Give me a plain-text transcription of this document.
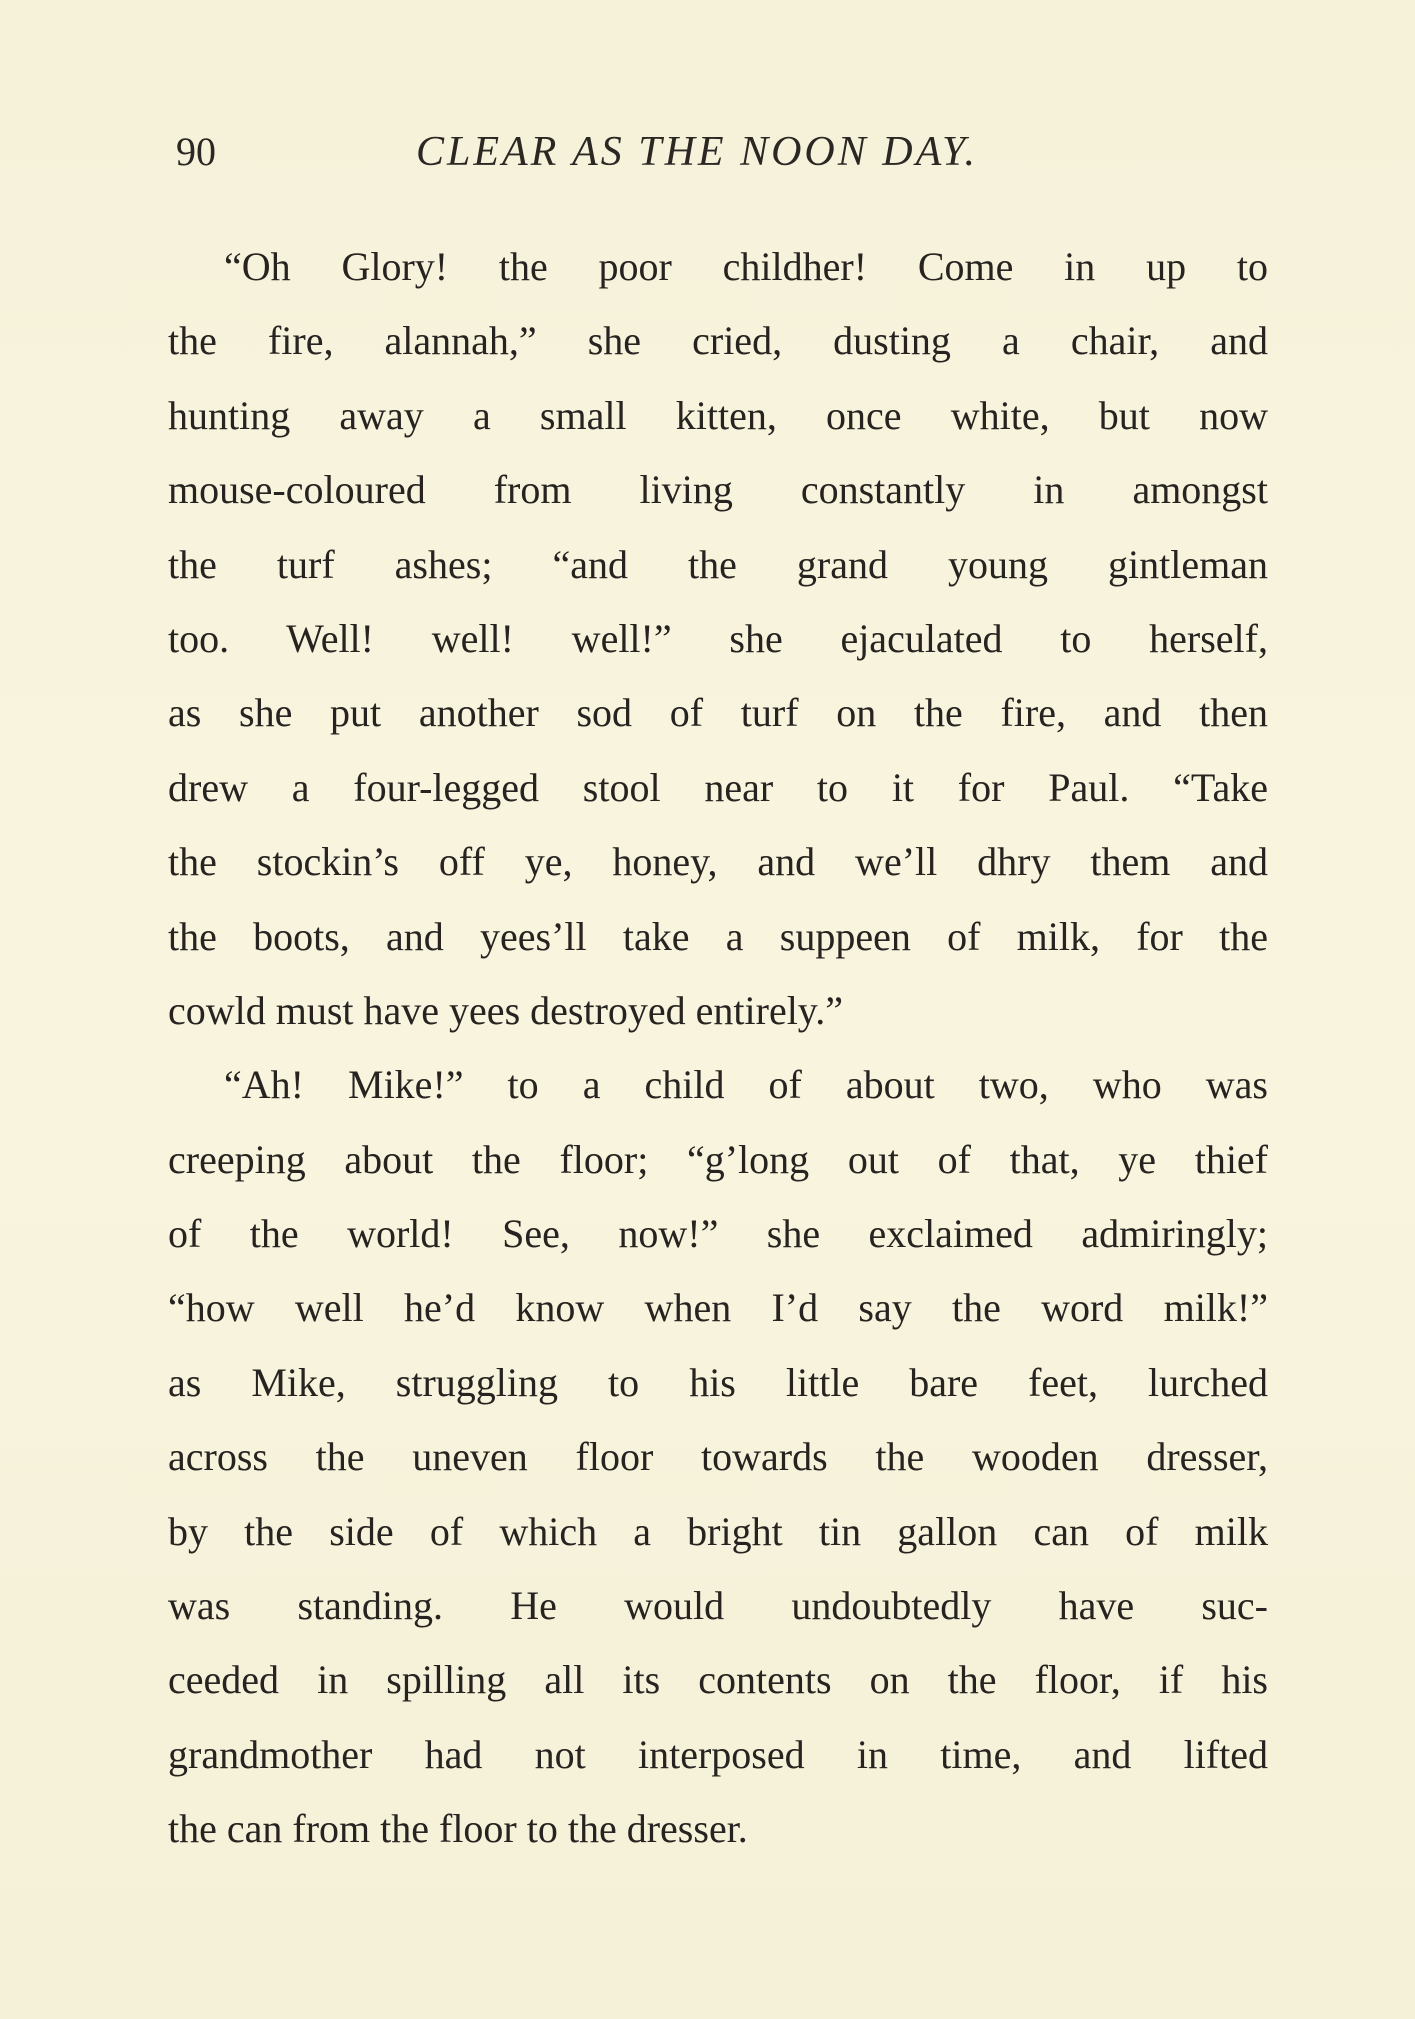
90	CLEAR AS THE NOON DAY.
“Oh Glory! the poor childher! Come in up to
the fire, alannah,” she cried, dusting a chair, and
hunting away a small kitten, once white, but now
mouse-coloured from living constantly in amongst
the turf ashes; “and the grand young gintleman
too. Well! well! well!” she ejaculated to herself,
as she put another sod of turf on the fire, and then
drew a four-legged stool near to it for Paul. “Take
the stockin’s off ye, honey, and we’ll dhry them and
the boots, and yees’ll take a suppeen of milk, for the
cowld must have yees destroyed entirely.”
“Ah! Mike!” to a child of about two, who was
creeping about the floor; “g’long out of that, ye thief
of the world! See, now!” she exclaimed admiringly;
“how well he’d know when I’d say the word milk!”
as Mike, struggling to his little bare feet, lurched
across the uneven floor towards the wooden dresser,
by the side of which a bright tin gallon can of milk
was standing. He would undoubtedly have suc-
ceeded in spilling all its contents on the floor, if his
grandmother had not interposed in time, and lifted
the can from the floor to the dresser.
